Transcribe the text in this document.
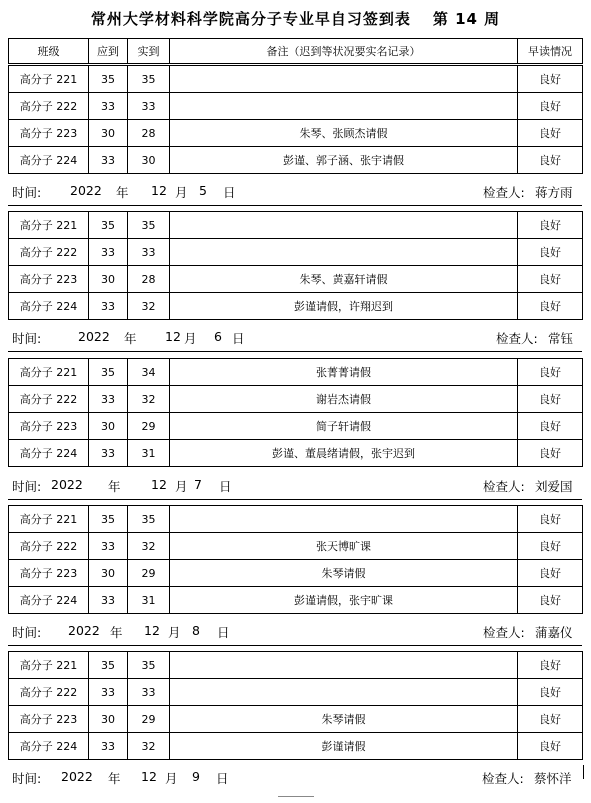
常州大学材料科学院高分子专业早自习签到表 第 14 周
班级	应到	实到	备注（迟到等状况要实名记录）	早读情况
高分子 221	35	35		良好
高分子 222	33	33		良好
高分子 223	30	28	朱琴、张顾杰请假	良好
高分子 224	33	30	彭谨、郭子涵、张宇请假	良好
时间: 2022 年 12 月 5 日	检查人: 蒋方雨
高分子 221	35	35		良好
高分子 222	33	33		良好
高分子 223	30	28	朱琴、黄嘉轩请假	良好
高分子 224	33	32	彭谨请假，许翔迟到	良好
时间:	2022 年 12 月 6 日	检查人: 常钰
高分子 221	35	34	张菁菁请假	良好
高分子 222	33	32	谢岩杰请假	良好
高分子 223	30	29	简子轩请假	良好
高分子 224	33	31	彭谨、董晨绪请假，张宇迟到	良好
时间: 2022 年 12 月 7 日	检查人: 刘爱国
高分子 221	35	35		良好
高分子 222	33	32	张天博旷课	良好
高分子 223	30	29	朱琴请假	良好
高分子 224	33	31	彭谨请假，张宇旷课	良好
时间: 2022 年 12 月 8 日	检查人: 蒲嘉仪
高分子 221	35	35		良好
高分子 222	33	33		良好
高分子 223	30	29	朱琴请假	良好
高分子 224	33	32	彭谨请假	良好
时间: 2022 年 12 月 9 日	检查人: 蔡怀洋
